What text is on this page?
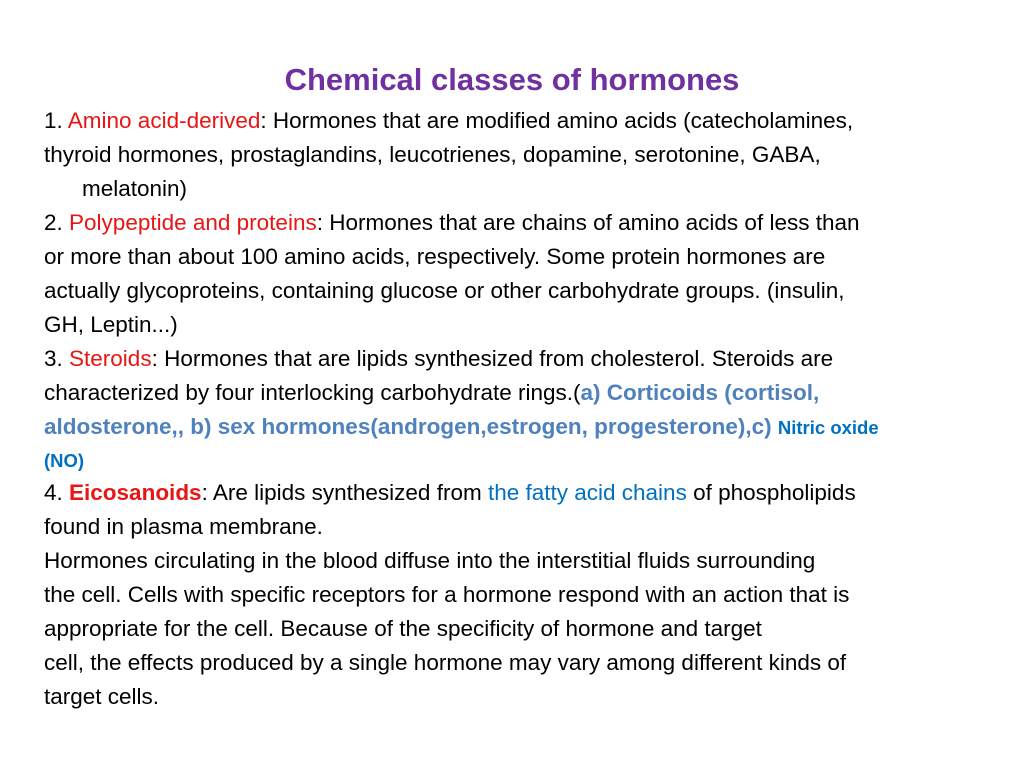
Chemical classes of hormones

1. Amino acid-derived: Hormones that are modified amino acids (catecholamines,

thyroid hormones, prostaglandins, leucotrienes, dopamine, serotonine, GABA,

melatonin)

2. Polypeptide and proteins: Hormones that are chains of amino acids of less than

or more than about 100 amino acids, respectively. Some protein hormones are

actually glycoproteins, containing glucose or other carbohydrate groups. (insulin,

GH, Leptin...)

3. Steroids: Hormones that are lipids synthesized from cholesterol. Steroids are

characterized by four interlocking carbohydrate rings.(a) Corticoids (cortisol,

aldosterone,, b) sex hormones(androgen,estrogen, progesterone),c) Nitric oxide

(NO)

4. Eicosanoids: Are lipids synthesized from the fatty acid chains of phospholipids

found in plasma membrane.

Hormones circulating in the blood diffuse into the interstitial fluids surrounding

the cell. Cells with specific receptors for a hormone respond with an action that is

appropriate for the cell. Because of the specificity of hormone and target

cell, the effects produced by a single hormone may vary among different kinds of

target cells.
